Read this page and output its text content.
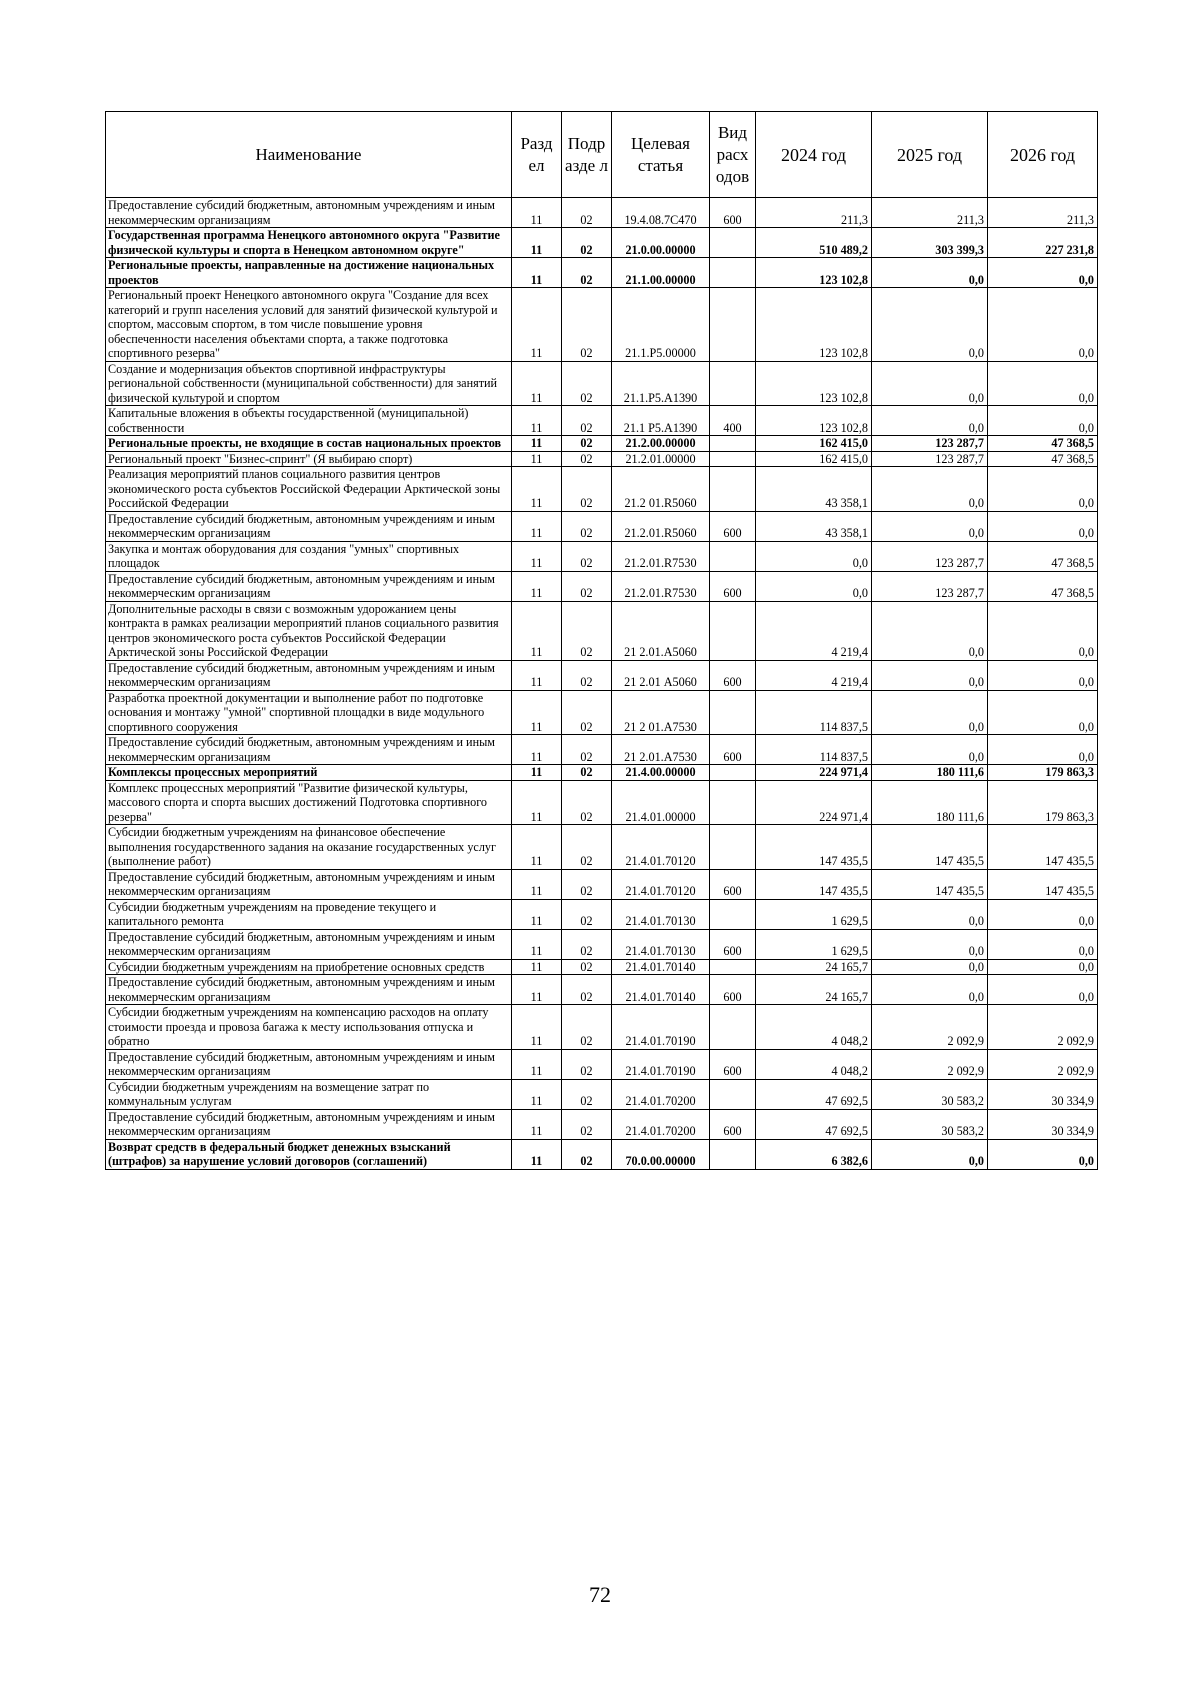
Наименование	Разд ел	Подр азде л	Целевая статья	Вид расх одов	2024 год	2025 год	2026 год
Предоставление субсидий бюджетным, автономным учреждениям и иным некоммерческим организациям	11	02	19.4.08.7С470	600	211,3	211,3	211,3
Государственная программа Ненецкого автономного округа "Развитие физической культуры и спорта в Ненецком автономном округе"	11	02	21.0.00.00000		510 489,2	303 399,3	227 231,8
Региональные проекты, направленные на достижение национальных проектов	11	02	21.1.00.00000		123 102,8	0,0	0,0
Региональный проект Ненецкого автономного округа "Создание для всех категорий и групп населения условий для занятий физической культурой и спортом, массовым спортом, в том числе повышение уровня обеспеченности населения объектами спорта, а также подготовка спортивного резерва"	11	02	21.1.Р5.00000		123 102,8	0,0	0,0
Создание и модернизация объектов спортивной инфраструктуры региональной собственности (муниципальной собственности) для занятий физической культурой и спортом	11	02	21.1.Р5.А1390		123 102,8	0,0	0,0
Капитальные вложения в объекты государственной (муниципальной) собственности	11	02	21.1 Р5.А1390	400	123 102,8	0,0	0,0
Региональные проекты, не входящие в состав национальных проектов	11	02	21.2.00.00000		162 415,0	123 287,7	47 368,5
Региональный проект "Бизнес-спринт" (Я выбираю спорт)	11	02	21.2.01.00000		162 415,0	123 287,7	47 368,5
Реализация мероприятий планов социального развития центров экономического роста субъектов Российской Федерации Арктической зоны Российской Федерации	11	02	21.2 01.R5060		43 358,1	0,0	0,0
Предоставление субсидий бюджетным, автономным учреждениям и иным некоммерческим организациям	11	02	21.2.01.R5060	600	43 358,1	0,0	0,0
Закупка и монтаж оборудования для создания "умных" спортивных площадок	11	02	21.2.01.R7530		0,0	123 287,7	47 368,5
Предоставление субсидий бюджетным, автономным учреждениям и иным некоммерческим организациям	11	02	21.2.01.R7530	600	0,0	123 287,7	47 368,5
Дополнительные расходы в связи с возможным удорожанием цены контракта в рамках реализации мероприятий планов социального развития центров экономического роста субъектов Российской Федерации Арктической зоны Российской Федерации	11	02	21 2.01.А5060		4 219,4	0,0	0,0
Предоставление субсидий бюджетным, автономным учреждениям и иным некоммерческим организациям	11	02	21 2.01 А5060	600	4 219,4	0,0	0,0
Разработка проектной документации и выполнение работ по подготовке основания и монтажу "умной" спортивной площадки в виде модульного спортивного сооружения	11	02	21 2 01.А7530		114 837,5	0,0	0,0
Предоставление субсидий бюджетным, автономным учреждениям и иным некоммерческим организациям	11	02	21 2.01.А7530	600	114 837,5	0,0	0,0
Комплексы процессных мероприятий	11	02	21.4.00.00000		224 971,4	180 111,6	179 863,3
Комплекс процессных мероприятий "Развитие физической культуры, массового спорта и спорта высших достижений Подготовка спортивного резерва"	11	02	21.4.01.00000		224 971,4	180 111,6	179 863,3
Субсидии бюджетным учреждениям на финансовое обеспечение выполнения государственного задания на оказание государственных услуг (выполнение работ)	11	02	21.4.01.70120		147 435,5	147 435,5	147 435,5
Предоставление субсидий бюджетным, автономным учреждениям и иным некоммерческим организациям	11	02	21.4.01.70120	600	147 435,5	147 435,5	147 435,5
Субсидии бюджетным учреждениям на проведение текущего и капитального ремонта	11	02	21.4.01.70130		1 629,5	0,0	0,0
Предоставление субсидий бюджетным, автономным учреждениям и иным некоммерческим организациям	11	02	21.4.01.70130	600	1 629,5	0,0	0,0
Субсидии бюджетным учреждениям на приобретение основных средств	11	02	21.4.01.70140		24 165,7	0,0	0,0
Предоставление субсидий бюджетным, автономным учреждениям и иным некоммерческим организациям	11	02	21.4.01.70140	600	24 165,7	0,0	0,0
Субсидии бюджетным учреждениям на компенсацию расходов на оплату стоимости проезда и провоза багажа к месту использования отпуска и обратно	11	02	21.4.01.70190		4 048,2	2 092,9	2 092,9
Предоставление субсидий бюджетным, автономным учреждениям и иным некоммерческим организациям	11	02	21.4.01.70190	600	4 048,2	2 092,9	2 092,9
Субсидии бюджетным учреждениям на возмещение затрат по коммунальным услугам	11	02	21.4.01.70200		47 692,5	30 583,2	30 334,9
Предоставление субсидий бюджетным, автономным учреждениям и иным некоммерческим организациям	11	02	21.4.01.70200	600	47 692,5	30 583,2	30 334,9
Возврат средств в федеральный бюджет денежных взысканий (штрафов) за нарушение условий договоров (соглашений)	11	02	70.0.00.00000		6 382,6	0,0	0,0
72
